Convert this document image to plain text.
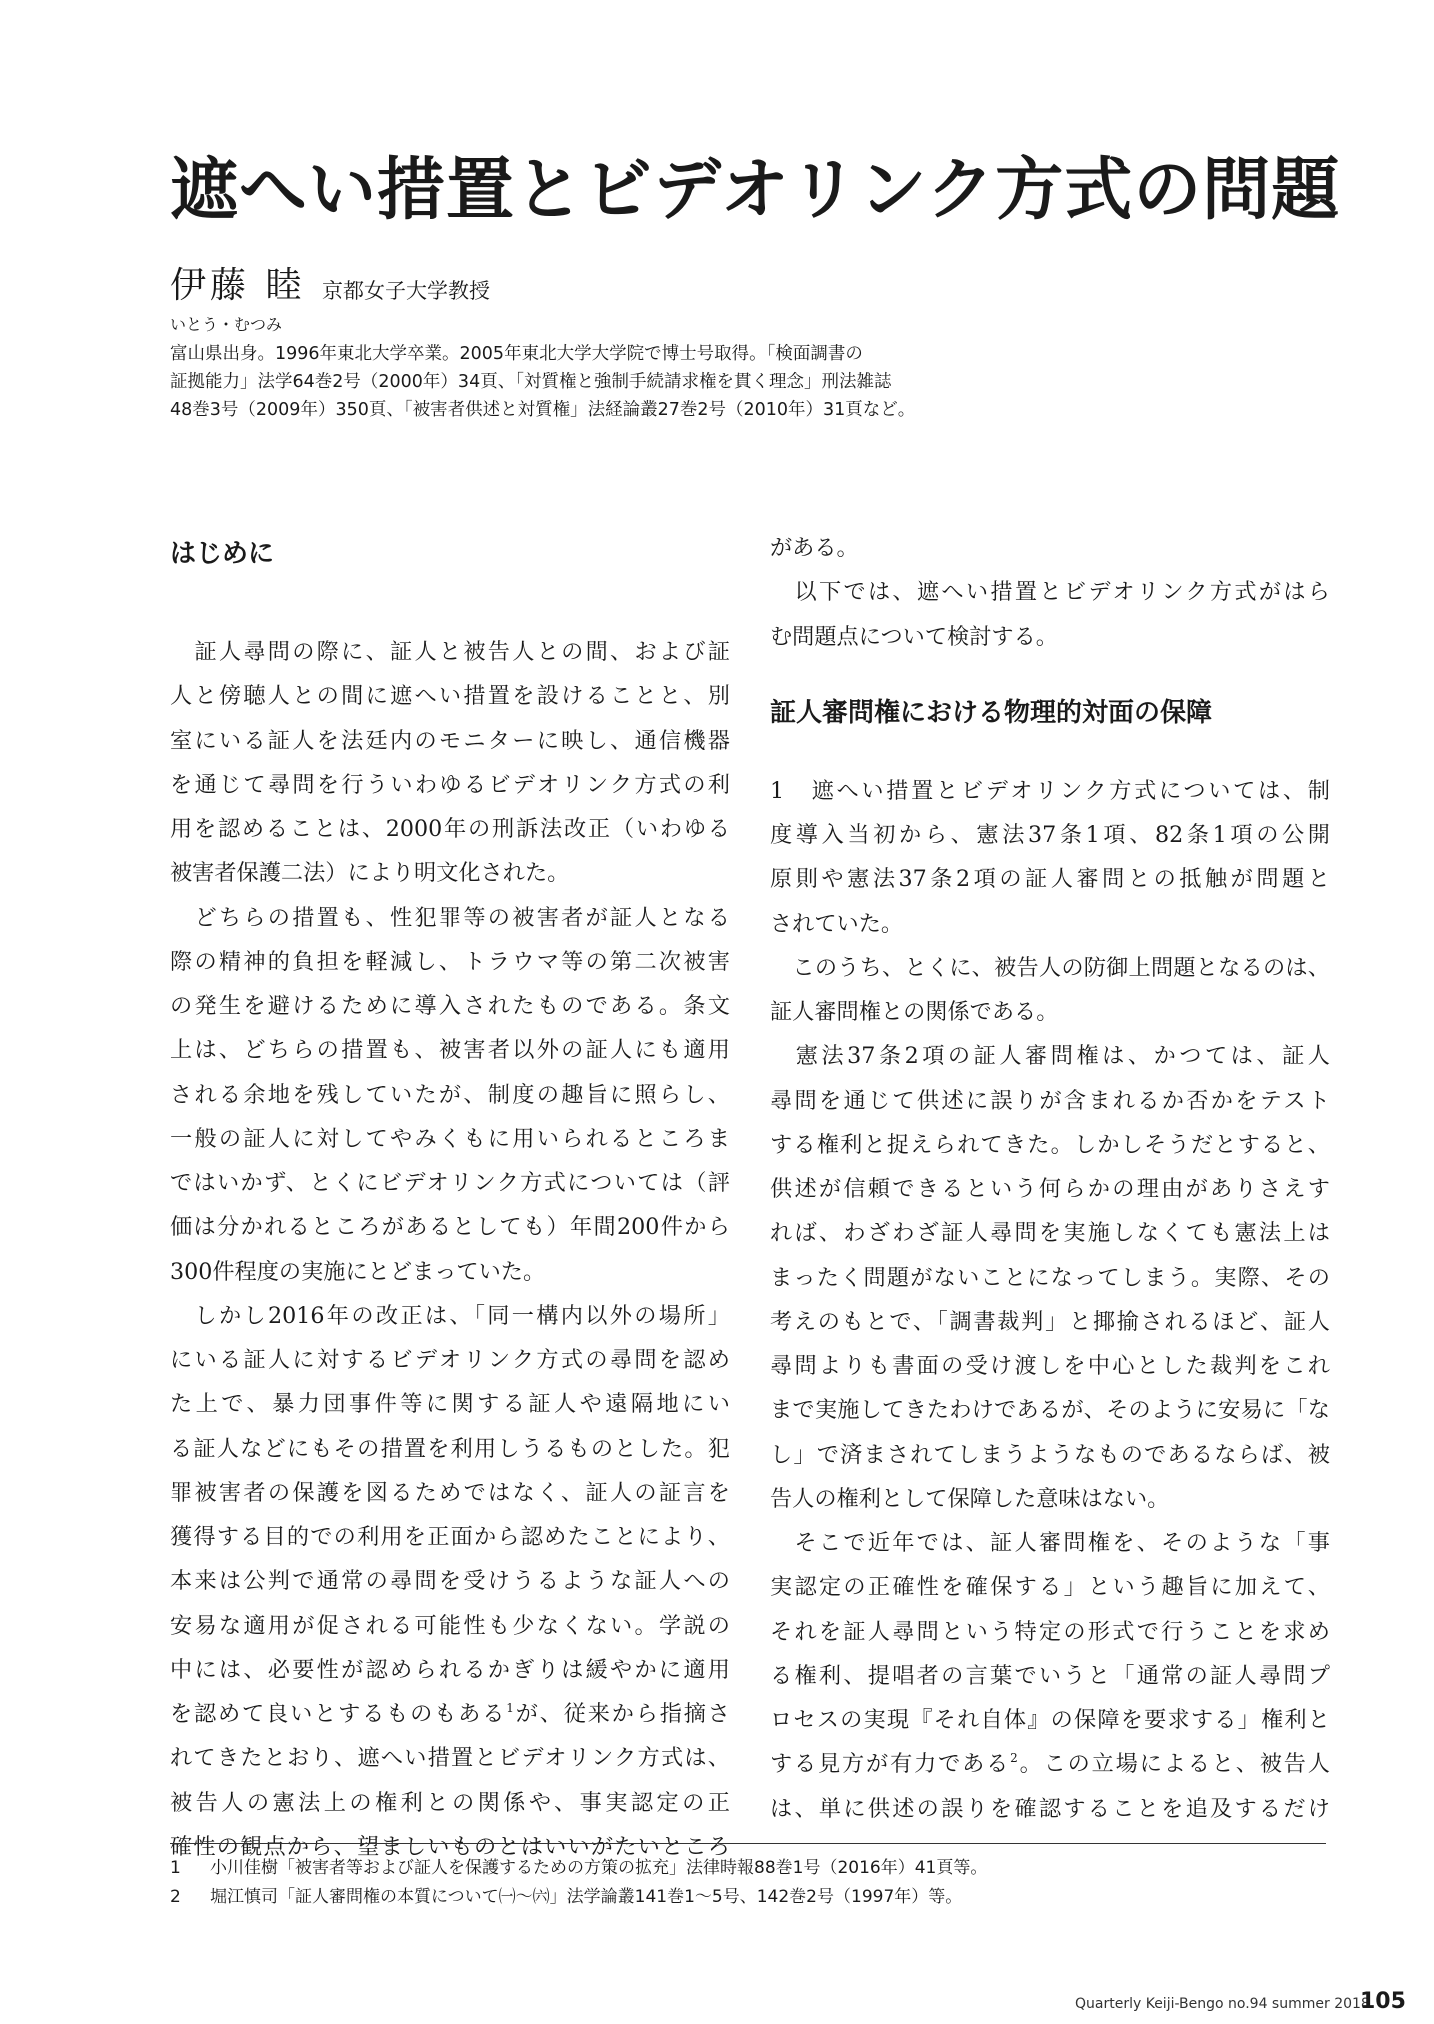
遮へい措置とビデオリンク方式の問題
伊藤 睦 京都女子大学教授
いとう・むつみ
富山県出身。1996年東北大学卒業。2005年東北大学大学院で博士号取得。「検面調書の
証拠能力」法学64巻2号（2000年）34頁、「対質権と強制手続請求権を貫く理念」刑法雑誌
48巻3号（2009年）350頁、「被害者供述と対質権」法経論叢27巻2号（2010年）31頁など。
はじめに
　証人尋問の際に、証人と被告人との間、および証
人と傍聴人との間に遮へい措置を設けることと、別
室にいる証人を法廷内のモニターに映し、通信機器
を通じて尋問を行ういわゆるビデオリンク方式の利
用を認めることは、2000年の刑訴法改正（いわゆる
被害者保護二法）により明文化された。
　どちらの措置も、性犯罪等の被害者が証人となる
際の精神的負担を軽減し、トラウマ等の第二次被害
の発生を避けるために導入されたものである。条文
上は、どちらの措置も、被害者以外の証人にも適用
される余地を残していたが、制度の趣旨に照らし、
一般の証人に対してやみくもに用いられるところま
ではいかず、とくにビデオリンク方式については（評
価は分かれるところがあるとしても）年間200件から
300件程度の実施にとどまっていた。
　しかし2016年の改正は、「同一構内以外の場所」
にいる証人に対するビデオリンク方式の尋問を認め
た上で、暴力団事件等に関する証人や遠隔地にい
る証人などにもその措置を利用しうるものとした。犯
罪被害者の保護を図るためではなく、証人の証言を
獲得する目的での利用を正面から認めたことにより、
本来は公判で通常の尋問を受けうるような証人への
安易な適用が促される可能性も少なくない。学説の
中には、必要性が認められるかぎりは緩やかに適用
を認めて良いとするものもある$^1$が、従来から指摘さ
れてきたとおり、遮へい措置とビデオリンク方式は、
被告人の憲法上の権利との関係や、事実認定の正
確性の観点から、望ましいものとはいいがたいところ
がある。
　以下では、遮へい措置とビデオリンク方式がはら
む問題点について検討する。
証人審問権における物理的対面の保障
1　遮へい措置とビデオリンク方式については、制
度導入当初から、憲法37条1項、82条1項の公開
原則や憲法37条2項の証人審問との抵触が問題と
されていた。
　このうち、とくに、被告人の防御上問題となるのは、
証人審問権との関係である。
　憲法37条2項の証人審問権は、かつては、証人
尋問を通じて供述に誤りが含まれるか否かをテスト
する権利と捉えられてきた。しかしそうだとすると、
供述が信頼できるという何らかの理由がありさえす
れば、わざわざ証人尋問を実施しなくても憲法上は
まったく問題がないことになってしまう。実際、その
考えのもとで、「調書裁判」と揶揄されるほど、証人
尋問よりも書面の受け渡しを中心とした裁判をこれ
まで実施してきたわけであるが、そのように安易に「な
し」で済まされてしまうようなものであるならば、被
告人の権利として保障した意味はない。
　そこで近年では、証人審問権を、そのような「事
実認定の正確性を確保する」という趣旨に加えて、
それを証人尋問という特定の形式で行うことを求め
る権利、提唱者の言葉でいうと「通常の証人尋問プ
ロセスの実現『それ自体』の保障を要求する」権利と
する見方が有力である$^2$。この立場によると、被告人
は、単に供述の誤りを確認することを追及するだけ
1 小川佳樹「被害者等および証人を保護するための方策の拡充」法律時報88巻1号（2016年）41頁等。
2 堀江慎司「証人審問権の本質について㈠〜㈥」法学論叢141巻1〜5号、142巻2号（1997年）等。
Quarterly Keiji-Bengo no.94 summer 2018
105
